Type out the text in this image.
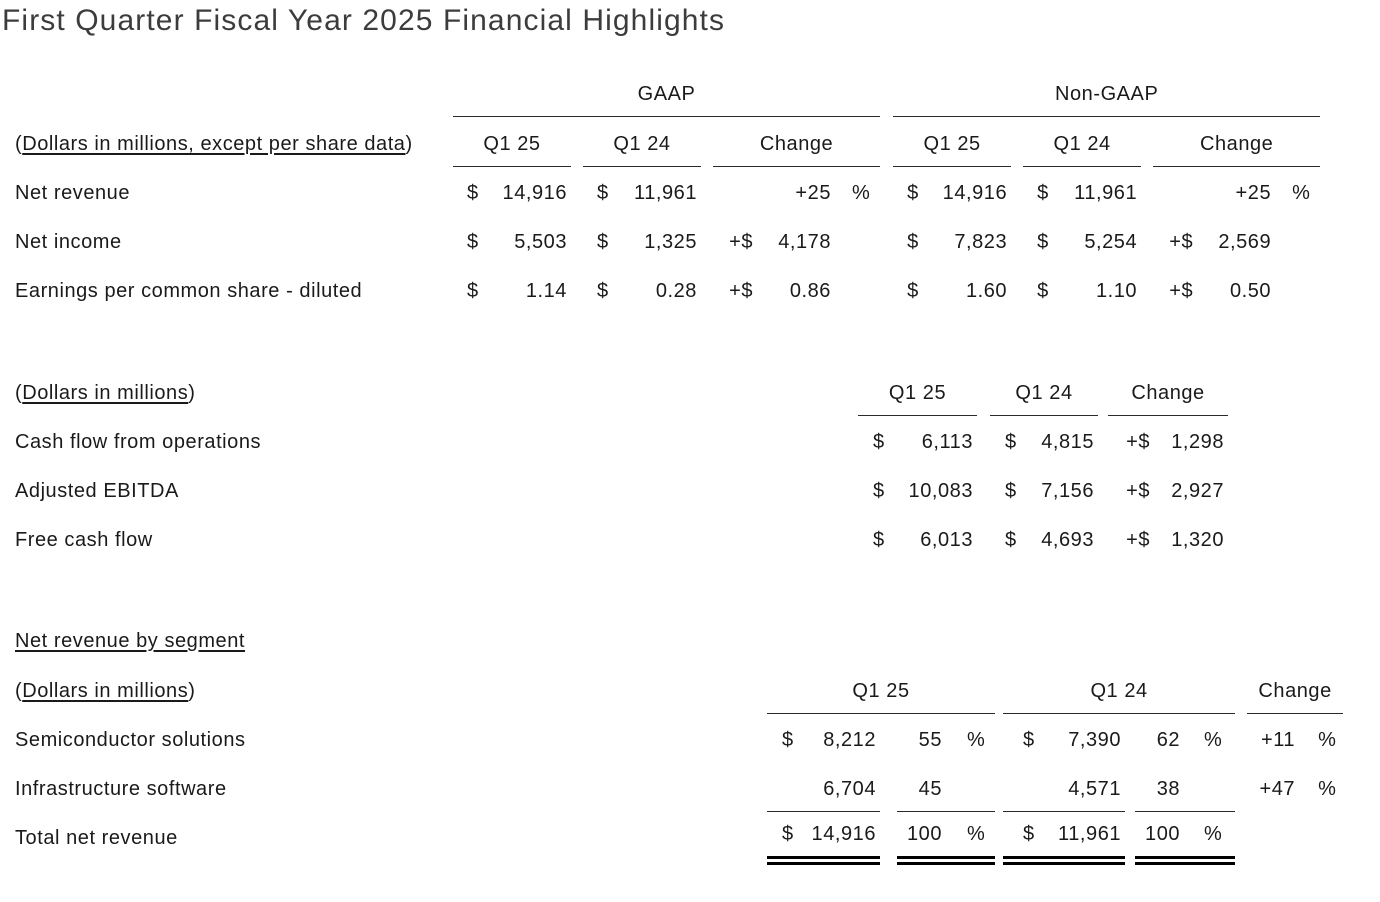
First Quarter Fiscal Year 2025 Financial Highlights
	GAAP										Non-GAAP								
(Dollars in millions, except per share data)	Q1 25			Q1 24			Change				Q1 25			Q1 24			Change		
Net revenue	$	14,916		$	11,961			+25	%		$	14,916		$	11,961			+25	%
Net income	$	5,503		$	1,325		+$	4,178			$	7,823		$	5,254		+$	2,569	
Earnings per common share - diluted	$	1.14		$	0.28		+$	0.86			$	1.60		$	1.10		+$	0.50	
(Dollars in millions)	Q1 25			Q1 24			Change	
Cash flow from operations	$	6,113		$	4,815		+$	1,298
Adjusted EBITDA	$	10,083		$	7,156		+$	2,927
Free cash flow	$	6,013		$	4,693		+$	1,320
Net revenue by segment
(Dollars in millions)	Q1 25						Q1 24						Change	
Semiconductor solutions	$	8,212		55	%		$	7,390		62	%		+11	%
Infrastructure software		6,704		45				4,571		38			+47	%
Total net revenue	$	14,916		100	%		$	11,961		100	%			
